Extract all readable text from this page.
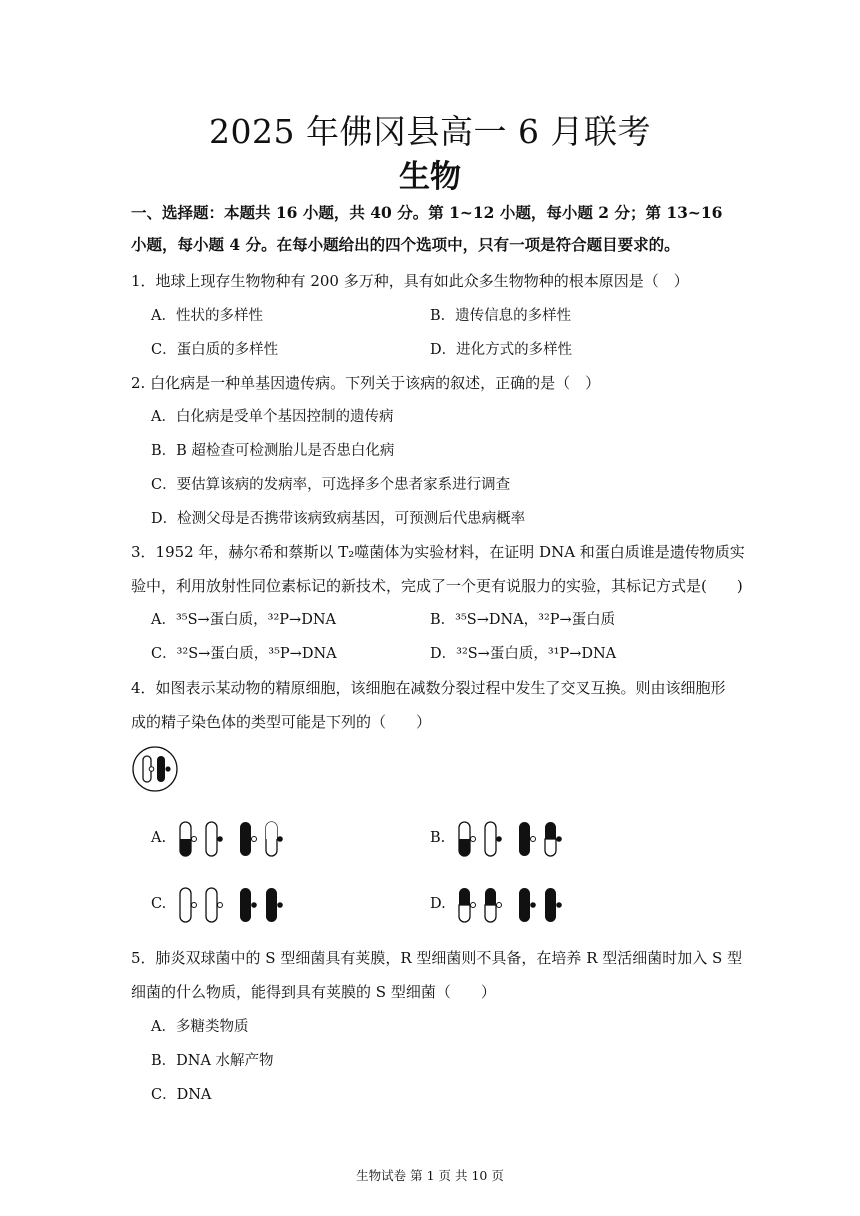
2025 年佛冈县高一 6 月联考
生物
一、选择题：本题共 16 小题，共 40 分。第 1~12 小题，每小题 2 分；第 13~16 小题，每小题 4 分。在每小题给出的四个选项中，只有一项是符合题目要求的。
1．地球上现存生物物种有 200 多万种，具有如此众多生物物种的根本原因是（　）
A．性状的多样性	B．遗传信息的多样性
C．蛋白质的多样性	D．进化方式的多样性
2. 白化病是一种单基因遗传病。下列关于该病的叙述，正确的是（　）
A．白化病是受单个基因控制的遗传病
B．B 超检查可检测胎儿是否患白化病
C．要估算该病的发病率，可选择多个患者家系进行调查
D．检测父母是否携带该病致病基因，可预测后代患病概率
3．1952 年，赫尔希和蔡斯以 T₂噬菌体为实验材料，在证明 DNA 和蛋白质谁是遗传物质实
验中，利用放射性同位素标记的新技术，完成了一个更有说服力的实验，其标记方式是(　　)
A．³⁵S→蛋白质，³²P→DNA	B．³⁵S→DNA，³²P→蛋白质
C．³²S→蛋白质，³⁵P→DNA	D．³²S→蛋白质，³¹P→DNA
4．如图表示某动物的精原细胞，该细胞在减数分裂过程中发生了交叉互换。则由该细胞形
成的精子染色体的类型可能是下列的（　　）
A.	B.
C.	D.
5．肺炎双球菌中的 S 型细菌具有荚膜，R 型细菌则不具备，在培养 R 型活细菌时加入 S 型
细菌的什么物质，能得到具有荚膜的 S 型细菌（　　）
A．多糖类物质
B．DNA 水解产物
C．DNA
生物试卷 第 1 页 共 10 页
